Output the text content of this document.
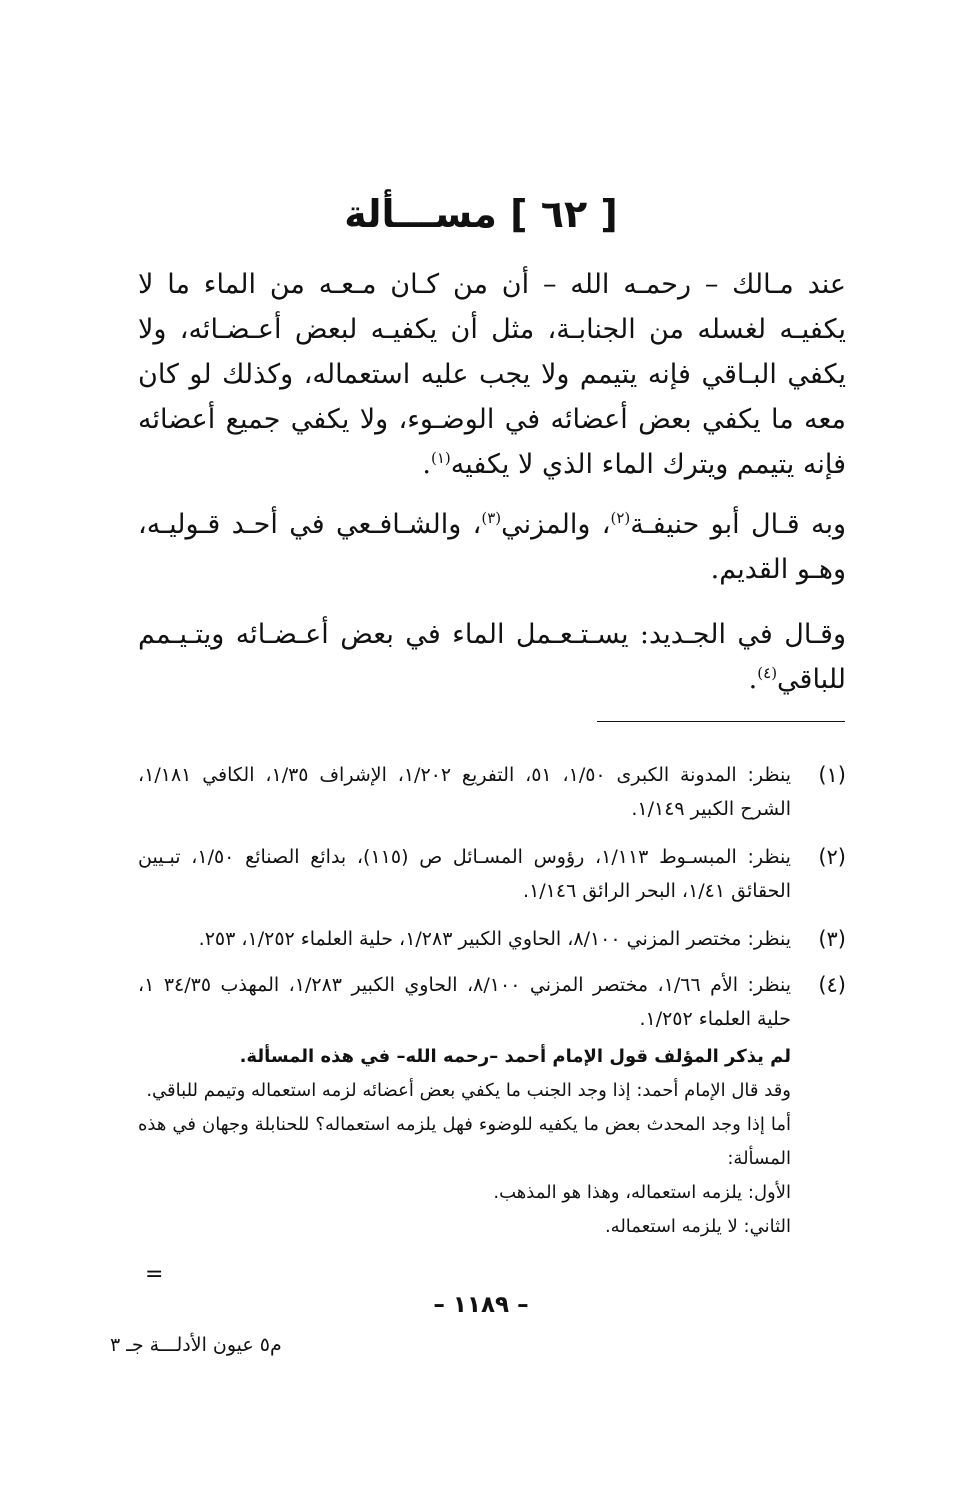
[ ٦٢ ] مســـألة

عند مـالك – رحمـه الله – أن من كـان مـعـه من الماء ما لا يكفيـه لغسله من الجنابـة، مثل أن يكفيـه لبعض أعـضـائه، ولا يكفي البـاقي فإنه يتيمم ولا يجب عليه استعماله، وكذلك لو كان معه ما يكفي بعض أعضائه في الوضـوء، ولا يكفي جميع أعضائه فإنه يتيمم ويترك الماء الذي لا يكفيه$^{(١)}$.

وبه قـال أبو حنيفـة$^{(٢)}$، والمزني$^{(٣)}$، والشـافـعي في أحـد قـوليـه، وهـو القديم.

وقـال في الجـديد: يسـتـعـمل الماء في بعض أعـضـائه ويتـيـمم للباقي$^{(٤)}$.

(١)
ينظر: المدونة الكبرى ١/٥٠، ٥١، التفريع ١/٢٠٢، الإشراف ١/٣٥، الكافي ١/١٨١، الشرح الكبير ١/١٤٩.
(٢)
ينظر: المبسـوط ١/١١٣، رؤوس المسـائل ص (١١٥)، بدائع الصنائع ١/٥٠، تبـيين الحقائق ١/٤١، البحر الرائق ١/١٤٦.
(٣)
ينظر: مختصر المزني ٨/١٠٠، الحاوي الكبير ١/٢٨٣، حلية العلماء ١/٢٥٢، ٢٥٣.
(٤)
ينظر: الأم ١/٦٦، مختصر المزني ٨/١٠٠، الحاوي الكبير ١/٢٨٣، المهذب ٣٤/٣٥ ١، حلية العلماء ١/٢٥٢.

لم يذكر المؤلف قول الإمام أحمد –رحمه الله– في هذه المسألة.

وقد قال الإمام أحمد: إذا وجد الجنب ما يكفي بعض أعضائه لزمه استعماله وتيمم للباقي.

أما إذا وجد المحدث بعض ما يكفيه للوضوء فهل يلزمه استعماله؟ للحنابلة وجهان في هذه المسألة:

الأول: يلزمه استعماله، وهذا هو المذهب.

الثاني: لا يلزمه استعماله.

=
– ١١٨٩ –
م٥ عيون الأدلـــة جـ ٣
